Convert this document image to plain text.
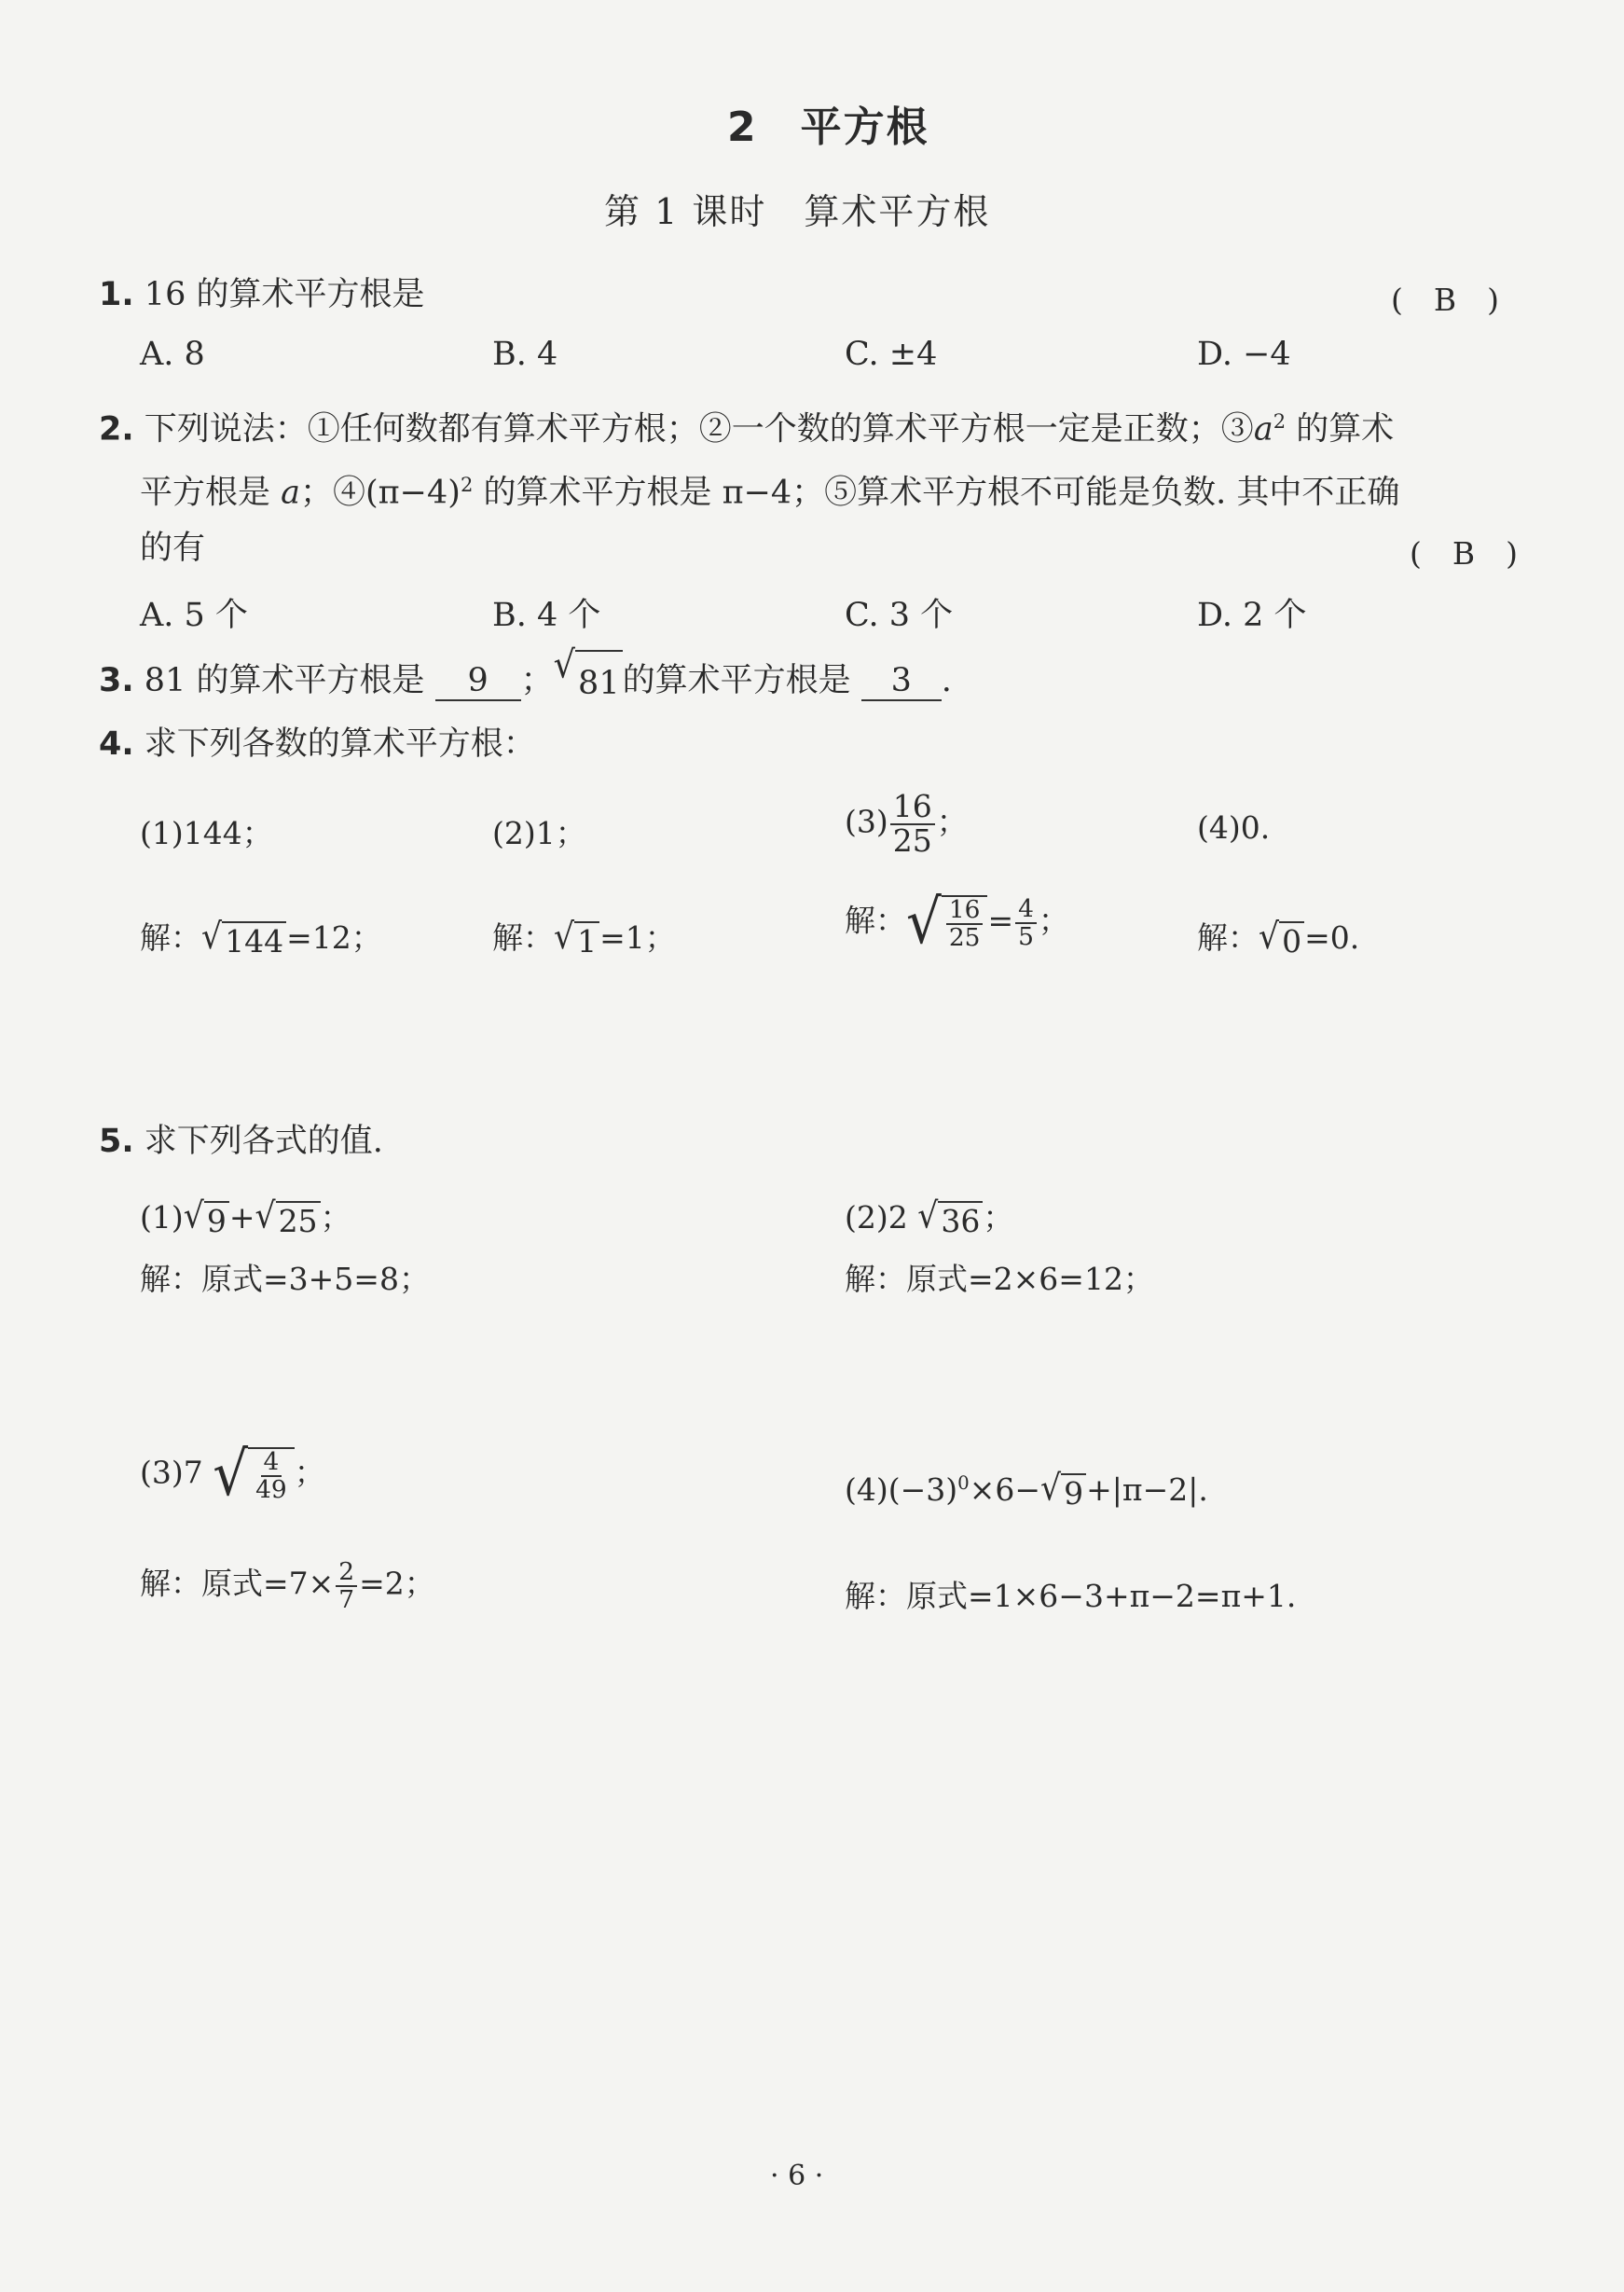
2　平方根
第 1 课时　算术平方根
1. 16 的算术平方根是	(　B　)
A. 8	B. 4	C. ±4	D. −4
2. 下列说法：①任何数都有算术平方根；②一个数的算术平方根一定是正数；$③a^2$ 的算术
平方根是 a；$④(\pi-4)^2$ 的算术平方根是 π−4；⑤算术平方根不可能是负数. 其中不正确
的有	(　B　)
A. 5 个	B. 4 个	C. 3 个	D. 2 个
3. 81 的算术平方根是 9 ； √ 81 的算术平方根是 3 .
4. 求下列各数的算术平方根：
(1)144；	(2)1；	$(3) \frac{16}{25}$ ；	(4)0.
解： √ 144 =12；	解： √ 1 =1；	解： √ $\frac{16}{25} = \frac{4}{5}$ ；	解： √ 0 =0.
5. 求下列各式的值.
(1) √ 9 + √ 25 ；
解：原式=3+5=8；
(2)2 √ 36 ；
解：原式=2×6=12；
(3)7 √ $\frac{4}{49}$ ；
解：原式$=7\times \frac{2}{7} =2$；
$(4)(-3)^0\times 6-$ √ 9 +|π−2|.
解：原式=1×6−3+π−2=π+1.
· 6 ·
